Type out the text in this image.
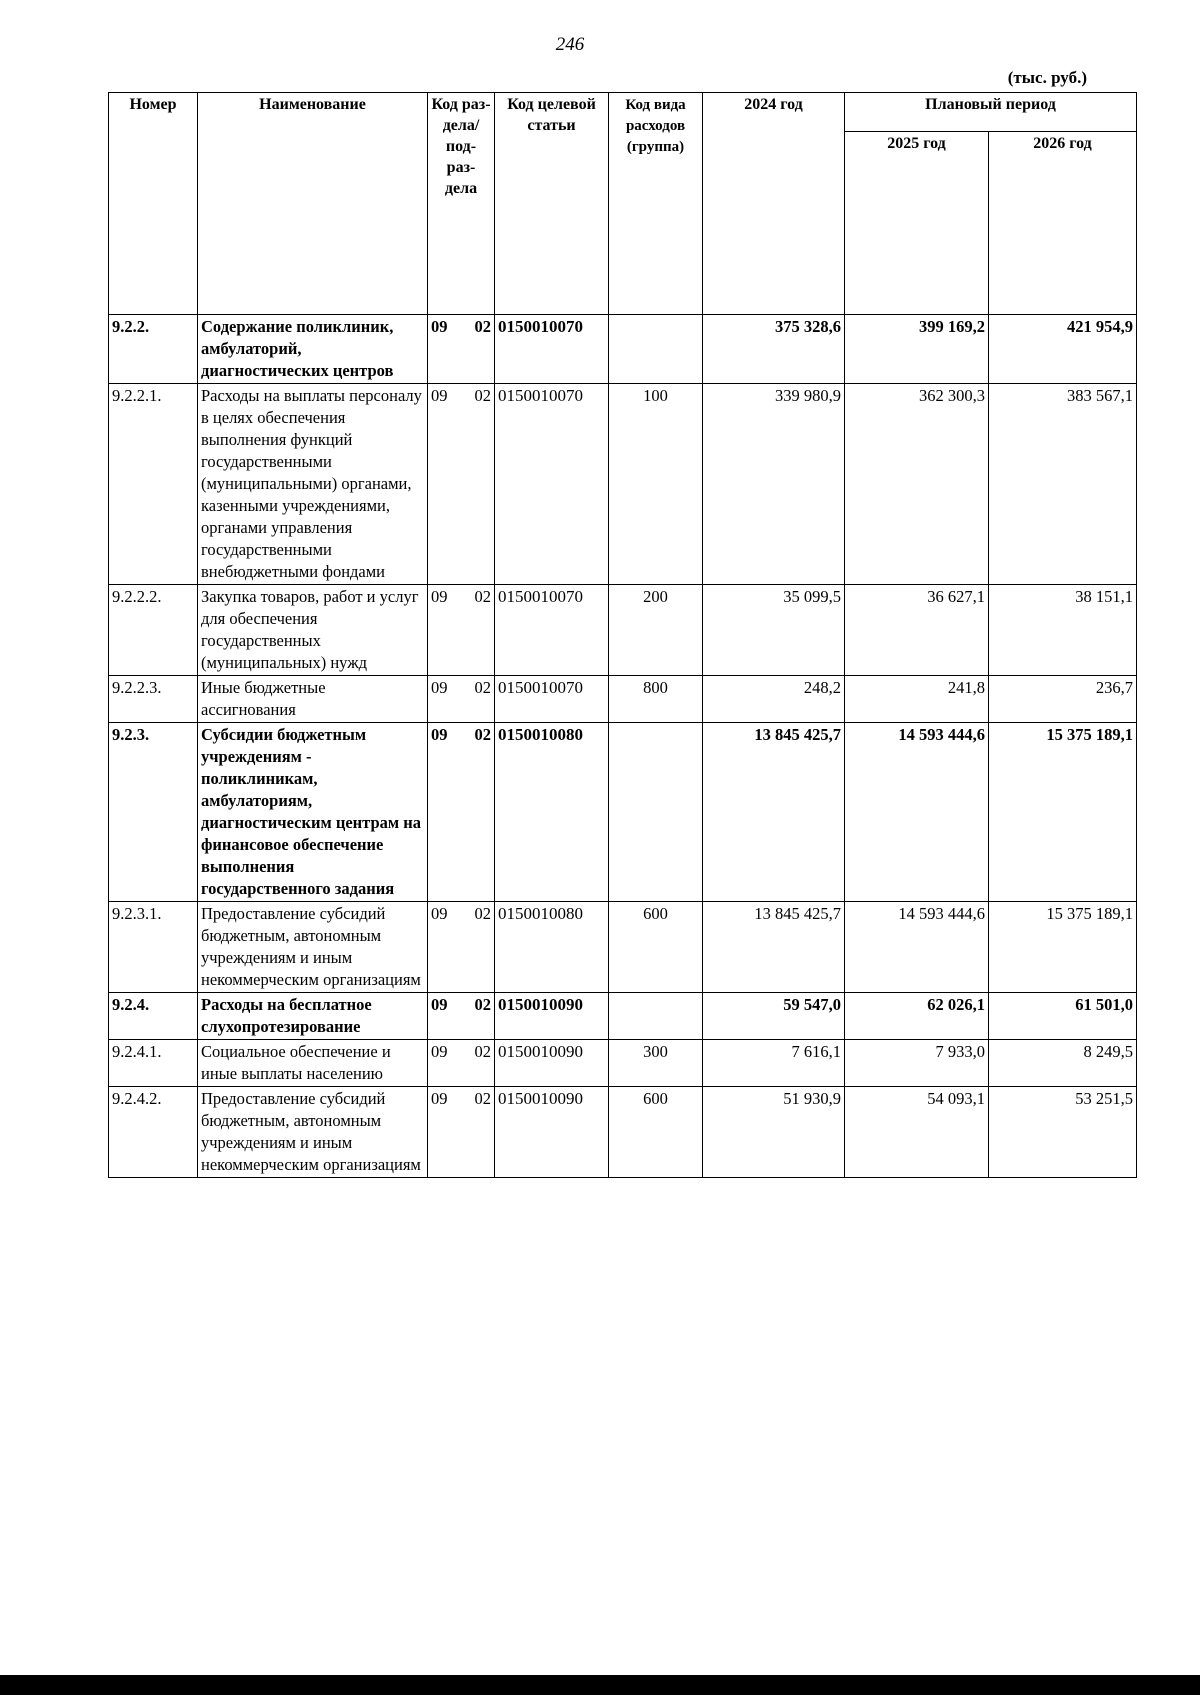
246
(тыс. руб.)
Номер	Наименование	Код раз- дела/ под- раз- дела	Код целевой статьи	Код вида расходов (группа)	2024 год	Плановый период	
						2025 год	2026 год
9.2.2.	Содержание поликлиник, амбулаторий, диагностических центров	09 02	0150010070		375 328,6	399 169,2	421 954,9
9.2.2.1.	Расходы на выплаты персоналу в целях обеспечения выполнения функций государственными (муниципальными) органами, казенными учреждениями, органами управления государственными внебюджетными фондами	09 02	0150010070	100	339 980,9	362 300,3	383 567,1
9.2.2.2.	Закупка товаров, работ и услуг для обеспечения государственных (муниципальных) нужд	09 02	0150010070	200	35 099,5	36 627,1	38 151,1
9.2.2.3.	Иные бюджетные ассигнования	09 02	0150010070	800	248,2	241,8	236,7
9.2.3.	Субсидии бюджетным учреждениям - поликлиникам, амбулаториям, диагностическим центрам на финансовое обеспечение выполнения государственного задания	09 02	0150010080		13 845 425,7	14 593 444,6	15 375 189,1
9.2.3.1.	Предоставление субсидий бюджетным, автономным учреждениям и иным некоммерческим организациям	09 02	0150010080	600	13 845 425,7	14 593 444,6	15 375 189,1
9.2.4.	Расходы на бесплатное слухопротезирование	09 02	0150010090		59 547,0	62 026,1	61 501,0
9.2.4.1.	Социальное обеспечение и иные выплаты населению	09 02	0150010090	300	7 616,1	7 933,0	8 249,5
9.2.4.2.	Предоставление субсидий бюджетным, автономным учреждениям и иным некоммерческим организациям	09 02	0150010090	600	51 930,9	54 093,1	53 251,5
